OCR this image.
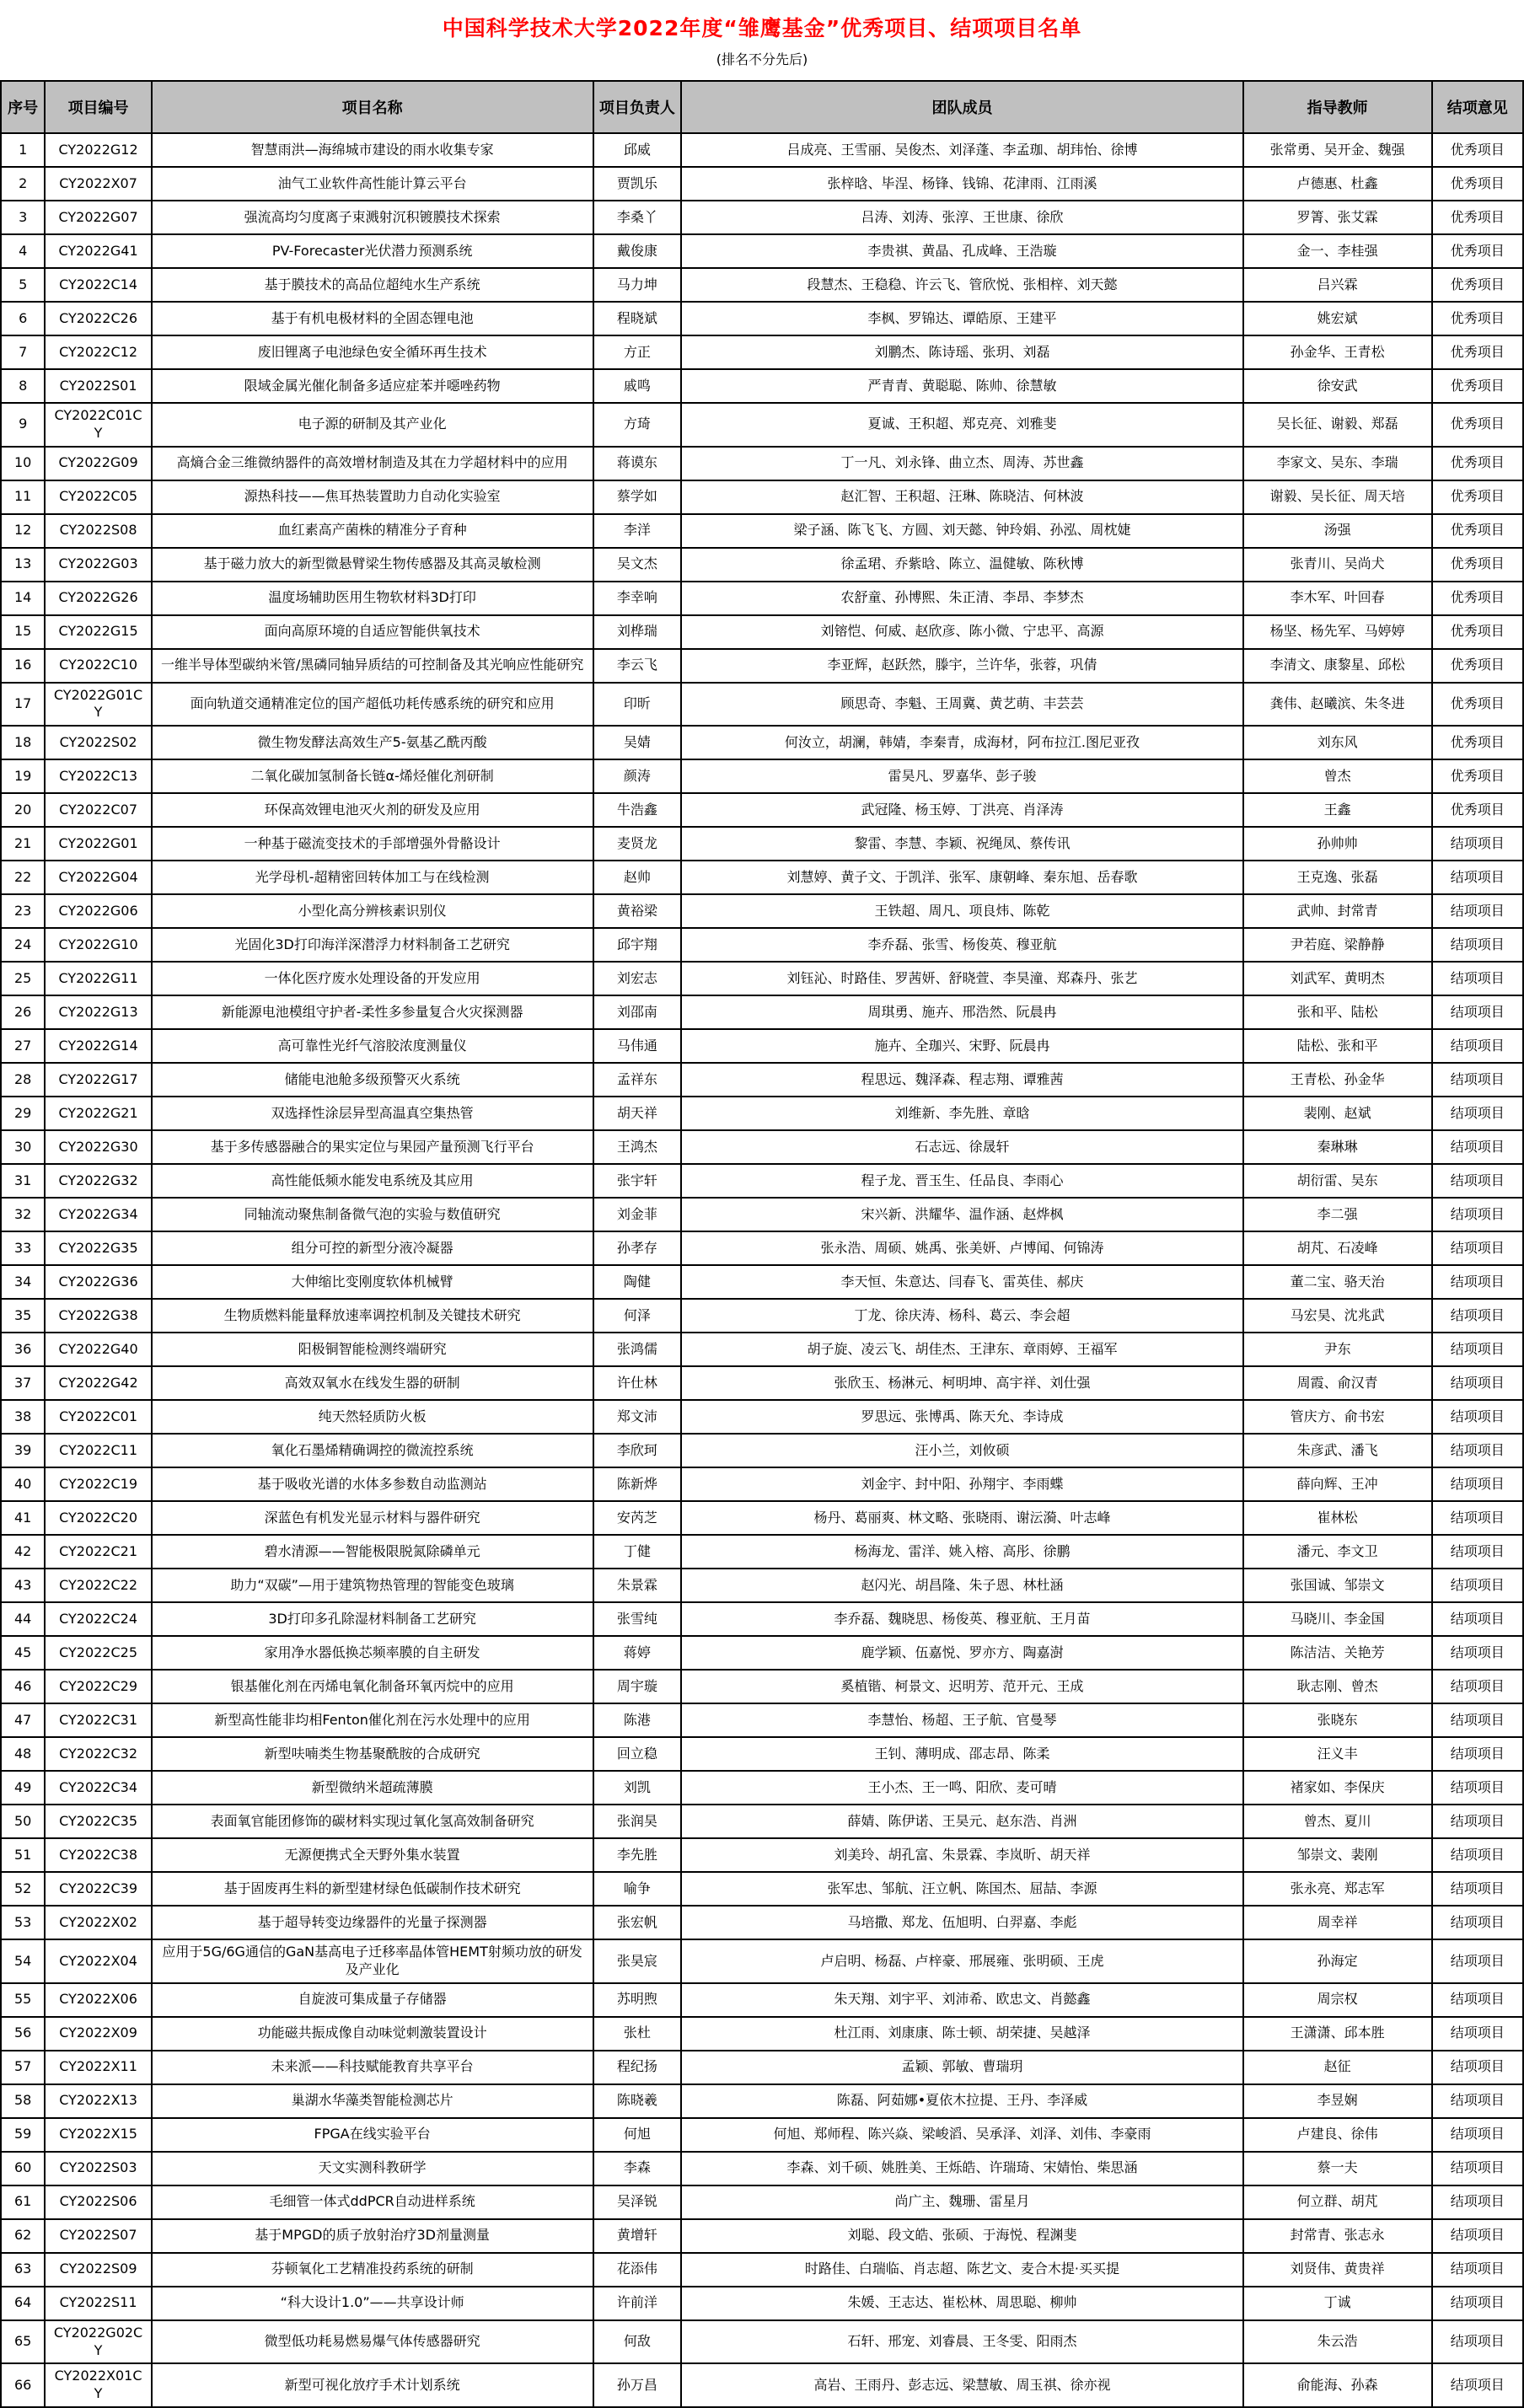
中国科学技术大学2022年度“雏鹰基金”优秀项目、结项项目名单
(排名不分先后)
序号	项目编号	项目名称	项目负责人	团队成员	指导教师	结项意见
1	CY2022G12	智慧雨洪—海绵城市建设的雨水收集专家	邱威	吕成亮、王雪丽、吴俊杰、刘泽蓬、李孟珈、胡玮怡、徐博	张常勇、吴开金、魏强	优秀项目
2	CY2022X07	油气工业软件高性能计算云平台	贾凯乐	张梓晗、毕浧、杨锋、钱锦、花津雨、江雨溪	卢德惠、杜鑫	优秀项目
3	CY2022G07	强流高均匀度离子束溅射沉积镀膜技术探索	李桑丫	吕涛、刘涛、张淳、王世康、徐欣	罗箐、张艾霖	优秀项目
4	CY2022G41	PV-Forecaster光伏潜力预测系统	戴俊康	李贵祺、黄晶、孔成峰、王浩璇	金一、李桂强	优秀项目
5	CY2022C14	基于膜技术的高品位超纯水生产系统	马力坤	段慧杰、王稳稳、许云飞、管欣悦、张相梓、刘天懿	吕兴霖	优秀项目
6	CY2022C26	基于有机电极材料的全固态锂电池	程晓斌	李枫、罗锦达、谭皓原、王建平	姚宏斌	优秀项目
7	CY2022C12	废旧锂离子电池绿色安全循环再生技术	方正	刘鹏杰、陈诗瑶、张玥、刘磊	孙金华、王青松	优秀项目
8	CY2022S01	限域金属光催化制备多适应症苯并噁唑药物	戚鸣	严青青、黄聪聪、陈帅、徐慧敏	徐安武	优秀项目
9	CY2022C01CY	电子源的研制及其产业化	方琦	夏诚、王积超、郑克亮、刘雅斐	吴长征、谢毅、郑磊	优秀项目
10	CY2022G09	高熵合金三维微纳器件的高效增材制造及其在力学超材料中的应用	蒋谟东	丁一凡、刘永锋、曲立杰、周涛、苏世鑫	李家文、吴东、李瑞	优秀项目
11	CY2022C05	源热科技——焦耳热装置助力自动化实验室	蔡学如	赵汇智、王积超、汪琳、陈晓洁、何林波	谢毅、吴长征、周天培	优秀项目
12	CY2022S08	血红素高产菌株的精准分子育种	李洋	梁子涵、陈飞飞、方圆、刘天懿、钟玲娟、孙泓、周枕婕	汤强	优秀项目
13	CY2022G03	基于磁力放大的新型微悬臂梁生物传感器及其高灵敏检测	吴文杰	徐孟珺、乔紫晗、陈立、温健敏、陈秋博	张青川、吴尚犬	优秀项目
14	CY2022G26	温度场辅助医用生物软材料3D打印	李幸响	农舒童、孙博熙、朱正清、李昂、李梦杰	李木军、叶回春	优秀项目
15	CY2022G15	面向高原环境的自适应智能供氧技术	刘桦瑞	刘镕恺、何威、赵欣彦、陈小微、宁忠平、高源	杨坚、杨先军、马婷婷	优秀项目
16	CY2022C10	一维半导体型碳纳米管/黑磷同轴异质结的可控制备及其光响应性能研究	李云飞	李亚辉，赵跃然，滕宇，兰许华，张蓉，巩倩	李清文、康黎星、邱松	优秀项目
17	CY2022G01CY	面向轨道交通精准定位的国产超低功耗传感系统的研究和应用	印昕	顾思奇、李魁、王周冀、黄艺萌、丰芸芸	龚伟、赵曦滨、朱冬进	优秀项目
18	CY2022S02	微生物发酵法高效生产5-氨基乙酰丙酸	吴婧	何汝立，胡澜，韩婧，李秦青，成海材，阿布拉江.图尼亚孜	刘东风	优秀项目
19	CY2022C13	二氧化碳加氢制备长链α-烯烃催化剂研制	颜涛	雷昊凡、罗嘉华、彭子骏	曾杰	优秀项目
20	CY2022C07	环保高效锂电池灭火剂的研发及应用	牛浩鑫	武冠隆、杨玉婷、丁洪亮、肖泽涛	王鑫	优秀项目
21	CY2022G01	一种基于磁流变技术的手部增强外骨骼设计	麦贤龙	黎雷、李慧、李颖、祝绳凤、蔡传讯	孙帅帅	结项项目
22	CY2022G04	光学母机-超精密回转体加工与在线检测	赵帅	刘慧婷、黄子文、于凯洋、张军、康朝峰、秦东旭、岳春歌	王克逸、张磊	结项项目
23	CY2022G06	小型化高分辨核素识别仪	黄裕梁	王铁超、周凡、项良炜、陈乾	武帅、封常青	结项项目
24	CY2022G10	光固化3D打印海洋深潜浮力材料制备工艺研究	邱宇翔	李乔磊、张雪、杨俊英、穆亚航	尹若庭、梁静静	结项项目
25	CY2022G11	一体化医疗废水处理设备的开发应用	刘宏志	刘钰沁、时路佳、罗茜妍、舒晓萱、李昊潼、郑森丹、张艺	刘武军、黄明杰	结项项目
26	CY2022G13	新能源电池模组守护者-柔性多参量复合火灾探测器	刘邵南	周琪勇、施卉、邢浩然、阮晨冉	张和平、陆松	结项项目
27	CY2022G14	高可靠性光纤气溶胶浓度测量仪	马伟通	施卉、全珈兴、宋野、阮晨冉	陆松、张和平	结项项目
28	CY2022G17	储能电池舱多级预警灭火系统	孟祥东	程思远、魏泽森、程志翔、谭雅茜	王青松、孙金华	结项项目
29	CY2022G21	双选择性涂层异型高温真空集热管	胡天祥	刘维新、李先胜、章晗	裴刚、赵斌	结项项目
30	CY2022G30	基于多传感器融合的果实定位与果园产量预测飞行平台	王鸿杰	石志远、徐晟轩	秦琳琳	结项项目
31	CY2022G32	高性能低频水能发电系统及其应用	张宇轩	程子龙、晋玉生、任品良、李雨心	胡衍雷、吴东	结项项目
32	CY2022G34	同轴流动聚焦制备微气泡的实验与数值研究	刘金菲	宋兴新、洪耀华、温作涵、赵烨枫	李二强	结项项目
33	CY2022G35	组分可控的新型分液冷凝器	孙孝存	张永浩、周硕、姚禹、张美妍、卢博闻、何锦涛	胡芃、石凌峰	结项项目
34	CY2022G36	大伸缩比变刚度软体机械臂	陶健	李天恒、朱意达、闫春飞、雷英佳、郝庆	董二宝、骆天治	结项项目
35	CY2022G38	生物质燃料能量释放速率调控机制及关键技术研究	何泽	丁龙、徐庆涛、杨科、葛云、李会超	马宏昊、沈兆武	结项项目
36	CY2022G40	阳极铜智能检测终端研究	张鸿儒	胡子旋、凌云飞、胡佳杰、王津东、章雨婷、王福军	尹东	结项项目
37	CY2022G42	高效双氧水在线发生器的研制	许仕林	张欣玉、杨淋元、柯明坤、高宇祥、刘仕强	周霞、俞汉青	结项项目
38	CY2022C01	纯天然轻质防火板	郑文沛	罗思远、张博禹、陈天允、李诗成	管庆方、俞书宏	结项项目
39	CY2022C11	氧化石墨烯精确调控的微流控系统	李欣珂	汪小兰，刘攸硕	朱彦武、潘飞	结项项目
40	CY2022C19	基于吸收光谱的水体多参数自动监测站	陈新烨	刘金宇、封中阳、孙翔宇、李雨蝶	薛向辉、王冲	结项项目
41	CY2022C20	深蓝色有机发光显示材料与器件研究	安芮芝	杨丹、葛丽爽、林文略、张晓雨、谢沄漪、叶志峰	崔林松	结项项目
42	CY2022C21	碧水清源——智能极限脱氮除磷单元	丁健	杨海龙、雷洋、姚入榕、高彤、徐鹏	潘元、李文卫	结项项目
43	CY2022C22	助力“双碳”—用于建筑物热管理的智能变色玻璃	朱景霖	赵闪光、胡昌隆、朱子恩、林杜涵	张国诚、邹崇文	结项项目
44	CY2022C24	3D打印多孔除湿材料制备工艺研究	张雪纯	李乔磊、魏晓思、杨俊英、穆亚航、王月苗	马晓川、李金国	结项项目
45	CY2022C25	家用净水器低换芯频率膜的自主研发	蒋婷	鹿学颖、伍嘉悦、罗亦方、陶嘉澍	陈洁洁、关艳芳	结项项目
46	CY2022C29	银基催化剂在丙烯电氧化制备环氧丙烷中的应用	周宇璇	奚植锴、柯景文、迟明芳、范开元、王成	耿志刚、曾杰	结项项目
47	CY2022C31	新型高性能非均相Fenton催化剂在污水处理中的应用	陈港	李慧怡、杨超、王子航、官曼琴	张晓东	结项项目
48	CY2022C32	新型呋喃类生物基聚酰胺的合成研究	回立稳	王钊、薄明成、邵志昂、陈柔	汪义丰	结项项目
49	CY2022C34	新型微纳米超疏薄膜	刘凯	王小杰、王一鸣、阳欣、麦可晴	褚家如、李保庆	结项项目
50	CY2022C35	表面氧官能团修饰的碳材料实现过氧化氢高效制备研究	张润昊	薛婧、陈伊诺、王昊元、赵东浩、肖洲	曾杰、夏川	结项项目
51	CY2022C38	无源便携式全天野外集水装置	李先胜	刘美玲、胡孔富、朱景霖、李岚昕、胡天祥	邹崇文、裴刚	结项项目
52	CY2022C39	基于固废再生料的新型建材绿色低碳制作技术研究	喻争	张军忠、邹航、汪立帆、陈国杰、屈喆、李源	张永亮、郑志军	结项项目
53	CY2022X02	基于超导转变边缘器件的光量子探测器	张宏帆	马培撒、郑龙、伍旭明、白羿嘉、李彪	周幸祥	结项项目
54	CY2022X04	应用于5G/6G通信的GaN基高电子迁移率晶体管HEMT射频功放的研发及产业化	张昊宸	卢启明、杨磊、卢梓豪、邢展雍、张明硕、王虎	孙海定	结项项目
55	CY2022X06	自旋波可集成量子存储器	苏明煦	朱天翔、刘宇平、刘沛希、欧忠文、肖懿鑫	周宗权	结项项目
56	CY2022X09	功能磁共振成像自动味觉刺激装置设计	张杜	杜江雨、刘康康、陈士顿、胡荣捷、吴越泽	王潇潇、邱本胜	结项项目
57	CY2022X11	未来派——科技赋能教育共享平台	程纪扬	孟颖、郭敏、曹瑞玥	赵征	结项项目
58	CY2022X13	巢湖水华藻类智能检测芯片	陈晓羲	陈磊、阿茹娜•夏依木拉提、王丹、李泽威	李昱娴	结项项目
59	CY2022X15	FPGA在线实验平台	何旭	何旭、郑师程、陈兴焱、梁峻滔、吴承泽、刘泽、刘伟、李豪雨	卢建良、徐伟	结项项目
60	CY2022S03	天文实测科教研学	李森	李森、刘千硕、姚胜美、王烁皓、许瑞琦、宋婧怡、柴思涵	蔡一夫	结项项目
61	CY2022S06	毛细管一体式ddPCR自动进样系统	吴泽锐	尚广主、魏珊、雷星月	何立群、胡芃	结项项目
62	CY2022S07	基于MPGD的质子放射治疗3D剂量测量	黄增轩	刘聪、段文皓、张硕、于海悦、程渊斐	封常青、张志永	结项项目
63	CY2022S09	芬顿氧化工艺精准投药系统的研制	花添伟	时路佳、白瑞临、肖志超、陈艺文、麦合木提·买买提	刘贤伟、黄贵祥	结项项目
64	CY2022S11	“科大设计1.0”——共享设计师	许前洋	朱媛、王志达、崔松林、周思聪、柳帅	丁诚	结项项目
65	CY2022G02CY	微型低功耗易燃易爆气体传感器研究	何敌	石轩、邢宠、刘睿晨、王冬雯、阳雨杰	朱云浩	结项项目
66	CY2022X01CY	新型可视化放疗手术计划系统	孙万昌	高岩、王雨丹、彭志远、梁慧敏、周玉祺、徐亦视	俞能海、孙森	结项项目
